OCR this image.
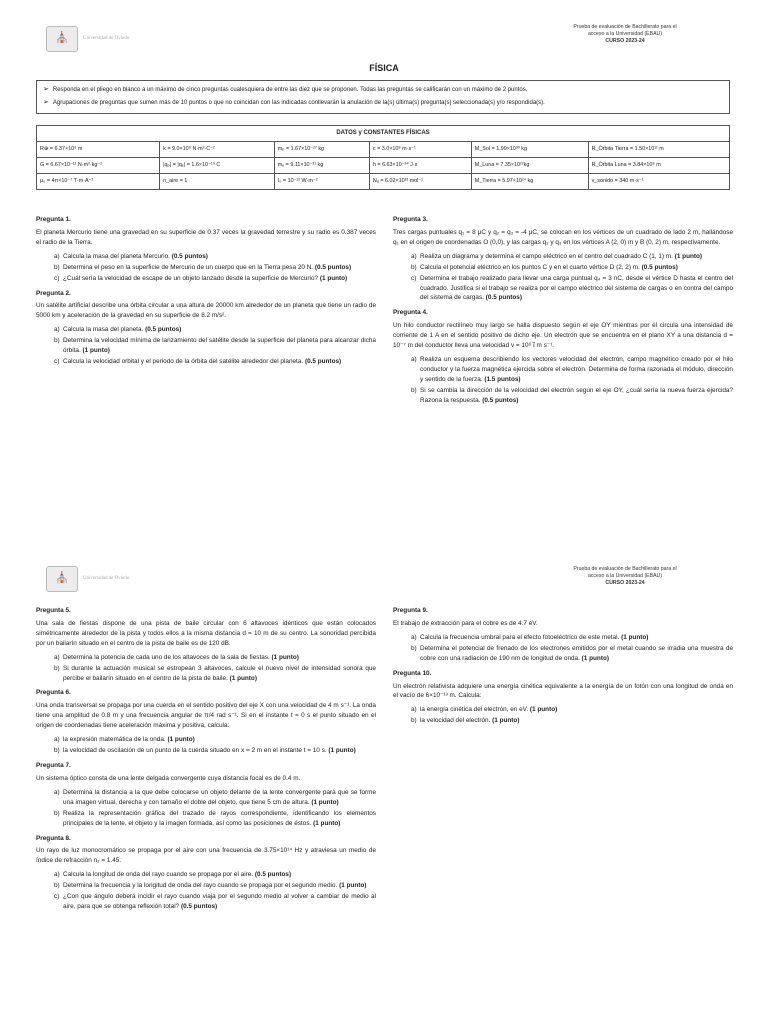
⛪	Universidad de Oviedo
Prueba de evaluación de Bachillerato para el
acceso a la Universidad (EBAU)
CURSO 2023-24
FÍSICA
➢ Responda en el pliego en blanco a un máximo de cinco preguntas cualesquiera de entre las diez que se proponen. Todas las preguntas se calificarán con un máximo de 2 puntos.
➢ Agrupaciones de preguntas que sumen más de 10 puntos o que no coincidan con las indicadas conllevarán la anulación de la(s) última(s) pregunta(s) seleccionada(s) y/o respondida(s).
DATOS y CONSTANTES FÍSICAS					
R⊕ = 6.37×10⁶ m	k = 9.0×10⁹ N·m²·C⁻²	mₚ = 1.67×10⁻²⁷ kg	c = 3.0×10⁸ m·s⁻¹	M_Sol = 1.99×10³⁰ kg	R_Órbita Tierra = 1.50×10¹¹ m
G = 6.67×10⁻¹¹ N·m²·kg⁻²	|qₚ| = |qₑ| = 1.6×10⁻¹⁹ C	mₑ = 9.11×10⁻³¹ kg	h = 6.63×10⁻³⁴ J·s	M_Luna = 7.35×10²²kg	R_Órbita Luna = 3.84×10⁸ m
μ₀ = 4π×10⁻⁷ T·m·A⁻¹	n_aire = 1	I₀ = 10⁻¹² W·m⁻²	Nₐ = 6.02×10²³ mol⁻¹	M_Tierra = 5.97×10²⁴ kg	v_sonido = 340 m·s⁻¹
Pregunta 1.
El planeta Mercurio tiene una gravedad en su superficie de 0.37 veces la gravedad terrestre y su radio es 0.387 veces el radio de la Tierra.
a) Calcula la masa del planeta Mercurio. (0.5 puntos)
b) Determina el peso en la superficie de Mercurio de un cuerpo que en la Tierra pesa 20 N. (0.5 puntos)
c) ¿Cuál sería la velocidad de escape de un objeto lanzado desde la superficie de Mercurio? (1 punto)
Pregunta 2.
Un satélite artificial describe una órbita circular a una altura de 20000 km alrededor de un planeta que tiene un radio de 5000 km y aceleración de la gravedad en su superficie de 8.2 m/s².
a) Calcula la masa del planeta. (0.5 puntos)
b) Determina la velocidad mínima de lanzamiento del satélite desde la superficie del planeta para alcanzar dicha órbita. (1 punto)
c) Calcula la velocidad orbital y el periodo de la órbita del satélite alrededor del planeta. (0.5 puntos)
Pregunta 3.
Tres cargas puntuales q₁ = 8 μC y q₂ = q₃ = -4 μC, se colocan en los vértices de un cuadrado de lado 2 m, hallándose q₁ en el origen de coordenadas O (0,0), y las cargas q₂ y q₃ en los vértices A (2, 0) m y B (0, 2) m, respectivamente.
a) Realiza un diagrama y determina el campo eléctrico en el centro del cuadrado C (1, 1) m. (1 punto)
b) Calcula el potencial eléctrico en los puntos C y en el cuarto vértice D (2, 2) m. (0.5 puntos)
c) Determina el trabajo realizado para llevar una carga puntual q₄ = 3 nC, desde el vértice D hasta el centro del cuadrado. Justifica si el trabajo se realiza por el campo eléctrico del sistema de cargas o en contra del campo del sistema de cargas. (0.5 puntos)
Pregunta 4.
Un hilo conductor rectilíneo muy largo se halla dispuesto según el eje OY mientras por él circula una intensidad de corriente de 1 A en el sentido positivo de dicho eje. Un electrón que se encuentra en el plano XY a una distancia d = 10⁻⁷ m del conductor lleva una velocidad v = 10⁶ i⃗ m s⁻¹.
a) Realiza un esquema describiendo los vectores velocidad del electrón, campo magnético creado por el hilo conductor y la fuerza magnética ejercida sobre el electrón. Determina de forma razonada el módulo, dirección y sentido de la fuerza. (1.5 puntos)
b) Si se cambia la dirección de la velocidad del electrón según el eje OY, ¿cuál sería la nueva fuerza ejercida? Razona la respuesta. (0.5 puntos)
⛪	Universidad de Oviedo
Prueba de evaluación de Bachillerato para el
acceso a la Universidad (EBAU)
CURSO 2023-24
Pregunta 5.
Una sala de fiestas dispone de una pista de baile circular con 6 altavoces idénticos que están colocados simétricamente alrededor de la pista y todos ellos a la misma distancia d = 10 m de su centro. La sonoridad percibida por un bailarín situado en el centro de la pista de baile es de 120 dB.
a) Determina la potencia de cada uno de los altavoces de la sala de fiestas. (1 punto)
b) Si durante la actuación musical se estropean 3 altavoces, calcule el nuevo nivel de intensidad sonora que percibe el bailarín situado en el centro de la pista de baile. (1 punto)
Pregunta 6.
Una onda transversal se propaga por una cuerda en el sentido positivo del eje X con una velocidad de 4 m s⁻¹. La onda tiene una amplitud de 0.8 m y una frecuencia angular de π/4 rad s⁻¹. Si en el instante t = 0 s el punto situado en el origen de coordenadas tiene aceleración máxima y positiva, calcula:
a) la expresión matemática de la onda. (1 punto)
b) la velocidad de oscilación de un punto de la cuerda situado en x = 2 m en el instante t = 10 s. (1 punto)
Pregunta 7.
Un sistema óptico consta de una lente delgada convergente cuya distancia focal es de 0.4 m.
a) Determina la distancia a la que debe colocarse un objeto delante de la lente convergente para que se forme una imagen virtual, derecha y con tamaño el doble del objeto, que tiene 5 cm de altura. (1 punto)
b) Realiza la representación gráfica del trazado de rayos correspondiente, identificando los elementos principales de la lente, el objeto y la imagen formada, así como las posiciones de éstos. (1 punto)
Pregunta 8.
Un rayo de luz monocromático se propaga por el aire con una frecuencia de 3.75×10¹⁴ Hz y atraviesa un medio de índice de refracción n₂ = 1.45.
a) Calcula la longitud de onda del rayo cuando se propaga por el aire. (0.5 puntos)
b) Determina la frecuencia y la longitud de onda del rayo cuando se propaga por el segundo medio. (1 punto)
c) ¿Con que ángulo deberá incidir el rayo cuando viaja por el segundo medio al volver a cambiar de medio al aire, para que se obtenga reflexión total? (0.5 puntos)
Pregunta 9.
El trabajo de extracción para el cobre es de 4.7 eV.
a) Calcula la frecuencia umbral para el efecto fotoeléctrico de este metal. (1 punto)
b) Determina el potencial de frenado de los electrones emitidos por el metal cuando se irradia una muestra de cobre con una radiación de 190 nm de longitud de onda. (1 punto)
Pregunta 10.
Un electrón relativista adquiere una energía cinética equivalente a la energía de un fotón con una longitud de onda en el vacío de 6×10⁻¹³ m. Calcula:
a) la energía cinética del electrón, en eV. (1 punto)
b) la velocidad del electrón. (1 punto)
